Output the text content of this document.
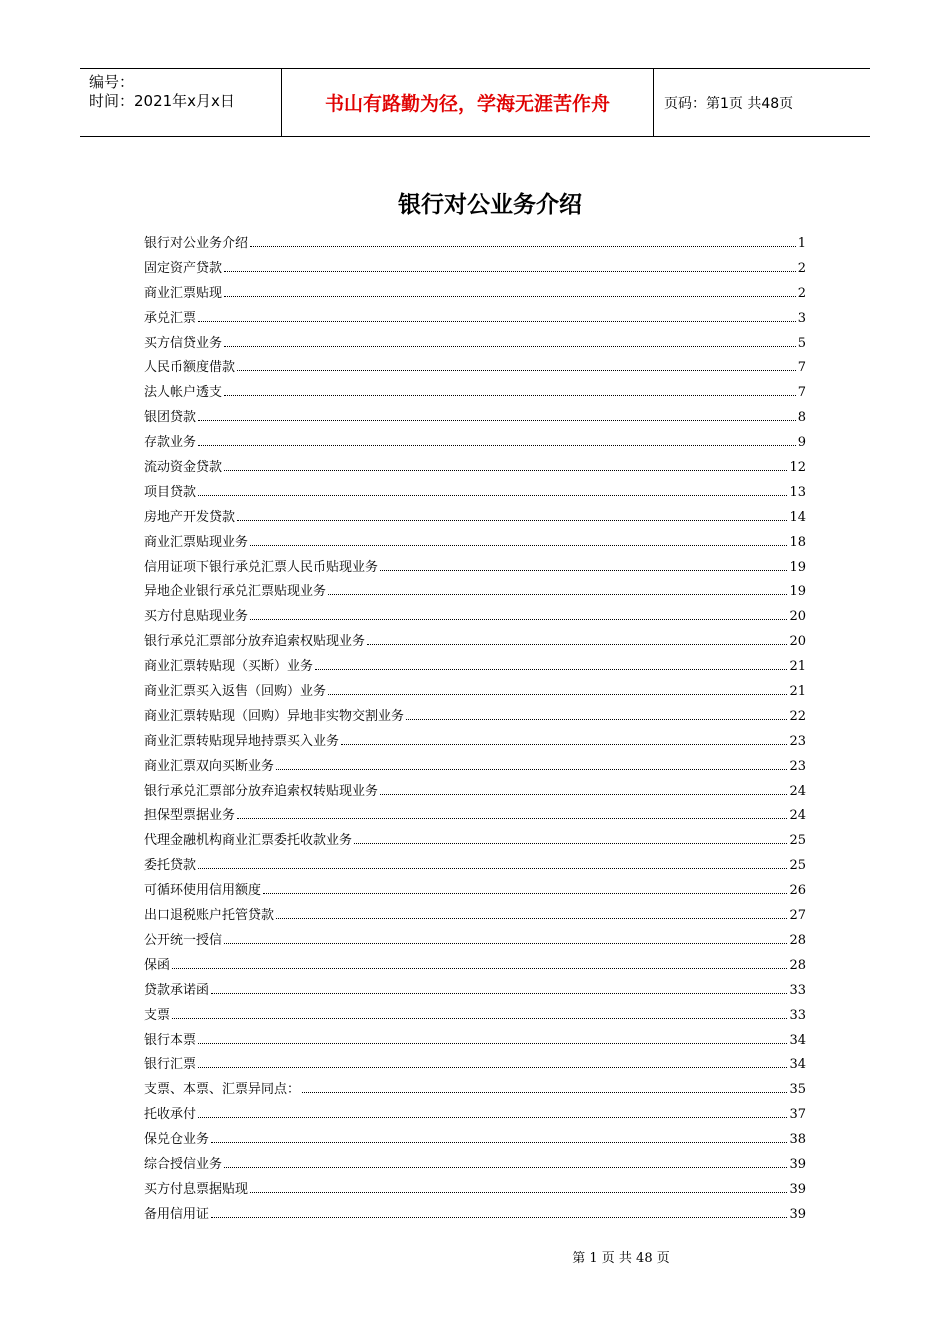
编号：
时间：2021年x月x日	书山有路勤为径，学海无涯苦作舟	页码：第1页 共48页
银行对公业务介绍
银行对公业务介绍	1
固定资产贷款	2
商业汇票贴现	2
承兑汇票	3
买方信贷业务	5
人民币额度借款	7
法人帐户透支	7
银团贷款	8
存款业务	9
流动资金贷款	12
项目贷款	13
房地产开发贷款	14
商业汇票贴现业务	18
信用证项下银行承兑汇票人民币贴现业务	19
异地企业银行承兑汇票贴现业务	19
买方付息贴现业务	20
银行承兑汇票部分放弃追索权贴现业务	20
商业汇票转贴现（买断）业务	21
商业汇票买入返售（回购）业务	21
商业汇票转贴现（回购）异地非实物交割业务	22
商业汇票转贴现异地持票买入业务	23
商业汇票双向买断业务	23
银行承兑汇票部分放弃追索权转贴现业务	24
担保型票据业务	24
代理金融机构商业汇票委托收款业务	25
委托贷款	25
可循环使用信用额度	26
出口退税账户托管贷款	27
公开统一授信	28
保函	28
贷款承诺函	33
支票	33
银行本票	34
银行汇票	34
支票、本票、汇票异同点：	35
托收承付	37
保兑仓业务	38
综合授信业务	39
买方付息票据贴现	39
备用信用证	39
第 1 页 共 48 页
